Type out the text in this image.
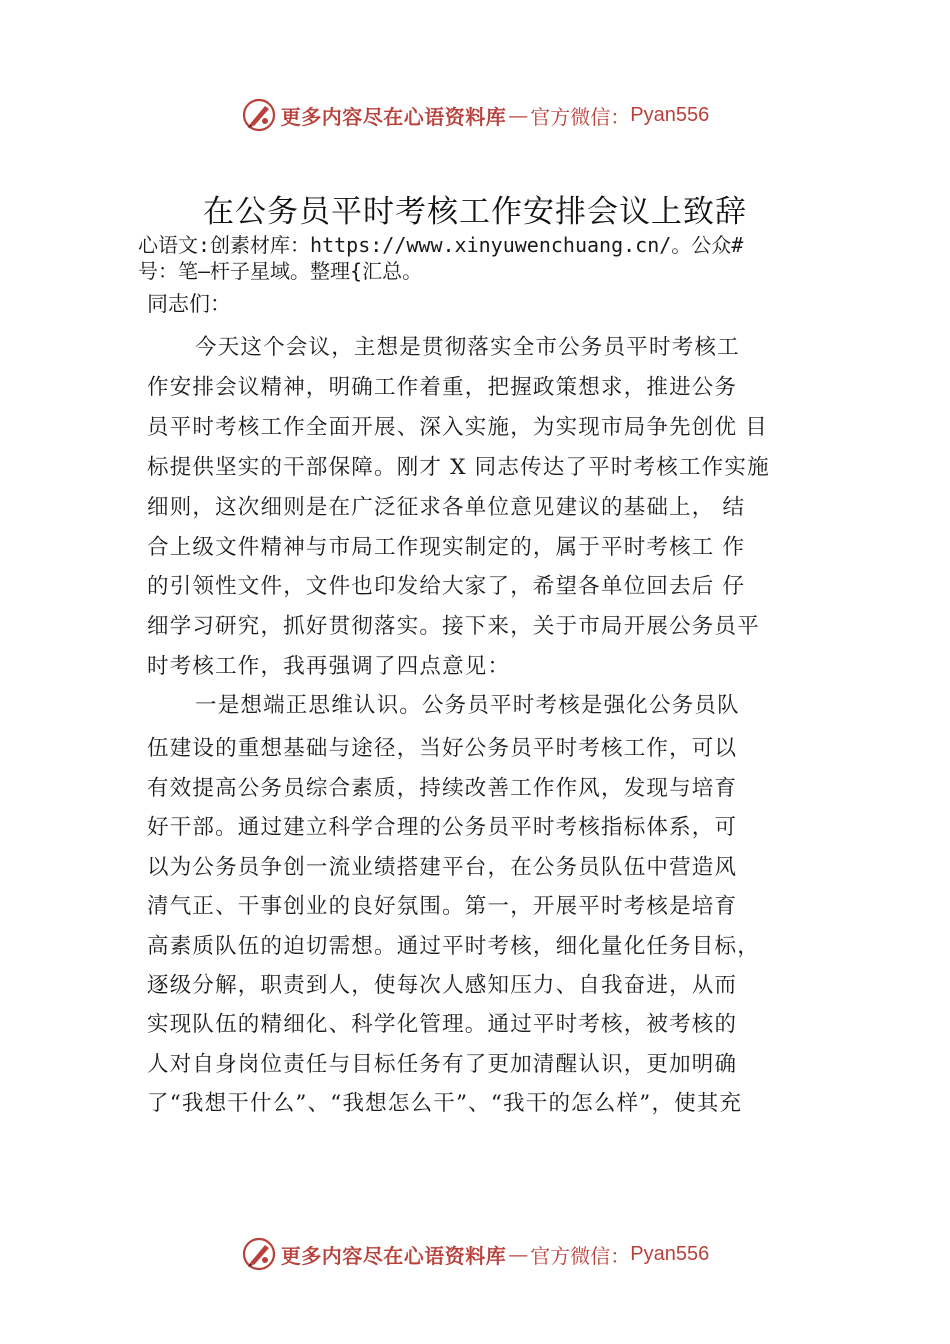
更多内容尽在心语资料库 — 官方微信： Pyan556
在公务员平时考核工作安排会议上致辞
心语文:创素材库：https://www.xinyuwenchuang.cn/。公众#
号：笔—杆子星域。整理{汇总。
同志们：
今天这个会议，主想是贯彻落实全市公务员平时考核工
作安排会议精神，明确工作着重，把握政策想求，推进公务
员平时考核工作全面开展、深入实施，为实现市局争先创优 目
标提供坚实的干部保障。刚才 X 同志传达了平时考核工作实施
细则，这次细则是在广泛征求各单位意见建议的基础上， 结
合上级文件精神与市局工作现实制定的，属于平时考核工 作
的引领性文件，文件也印发给大家了，希望各单位回去后 仔
细学习研究，抓好贯彻落实。接下来，关于市局开展公务员平
时考核工作，我再强调了四点意见：
一是想端正思维认识。公务员平时考核是强化公务员队
伍建设的重想基础与途径，当好公务员平时考核工作，可以
有效提高公务员综合素质，持续改善工作作风，发现与培育
好干部。通过建立科学合理的公务员平时考核指标体系，可
以为公务员争创一流业绩搭建平台，在公务员队伍中营造风
清气正、干事创业的良好氛围。第一，开展平时考核是培育
高素质队伍的迫切需想。通过平时考核，细化量化任务目标，
逐级分解，职责到人，使每次人感知压力、自我奋进，从而
实现队伍的精细化、科学化管理。通过平时考核，被考核的
人对自身岗位责任与目标任务有了更加清醒认识，更加明确
了“我想干什么”、“我想怎么干”、“我干的怎么样”，使其充
更多内容尽在心语资料库 — 官方微信： Pyan556
